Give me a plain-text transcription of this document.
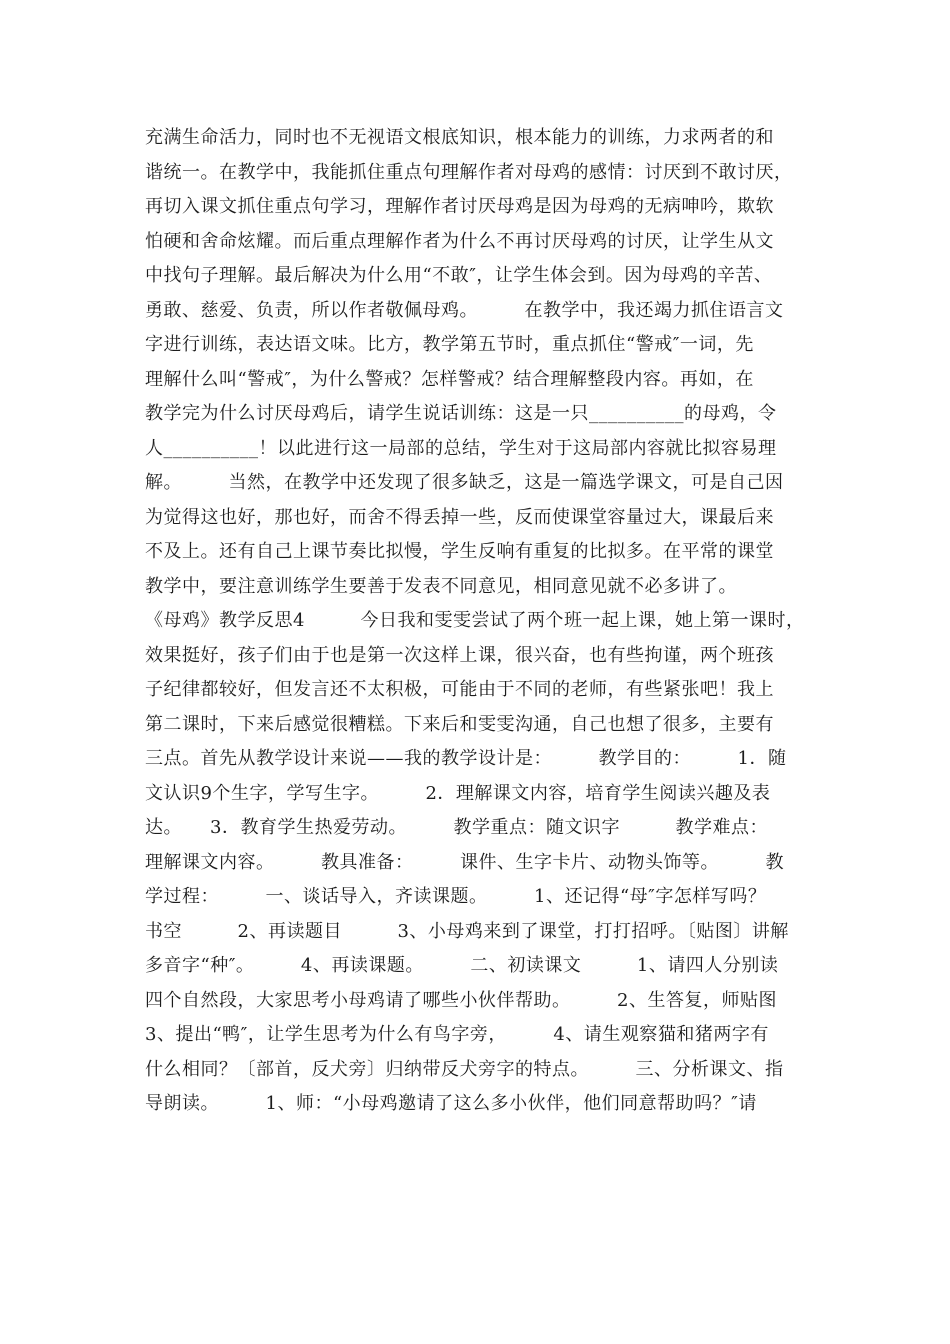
充满生命活力，同时也不无视语文根底知识，根本能力的训练，力求两者的和
谐统一。在教学中，我能抓住重点句理解作者对母鸡的感情：讨厌到不敢讨厌，
再切入课文抓住重点句学习，理解作者讨厌母鸡是因为母鸡的无病呻吟，欺软
怕硬和舍命炫耀。而后重点理解作者为什么不再讨厌母鸡的讨厌，让学生从文
中找句子理解。最后解决为什么用“不敢″，让学生体会到。因为母鸡的辛苦、
勇敢、慈爱、负责，所以作者敬佩母鸡。　　　在教学中，我还竭力抓住语言文
字进行训练，表达语文味。比方，教学第五节时，重点抓住“警戒″一词，先
理解什么叫“警戒″，为什么警戒？怎样警戒？结合理解整段内容。再如，在
教学完为什么讨厌母鸡后，请学生说话训练：这是一只__________的母鸡，令
人__________！以此进行这一局部的总结，学生对于这局部内容就比拟容易理
解。　　　当然，在教学中还发现了很多缺乏，这是一篇选学课文，可是自己因
为觉得这也好，那也好，而舍不得丢掉一些，反而使课堂容量过大，课最后来
不及上。还有自己上课节奏比拟慢，学生反响有重复的比拟多。在平常的课堂
教学中，要注意训练学生要善于发表不同意见，相同意见就不必多讲了。
《母鸡》教学反思4　　　今日我和雯雯尝试了两个班一起上课，她上第一课时，
效果挺好，孩子们由于也是第一次这样上课，很兴奋，也有些拘谨，两个班孩
子纪律都较好，但发言还不太积极，可能由于不同的老师，有些紧张吧！我上
第二课时，下来后感觉很糟糕。下来后和雯雯沟通，自己也想了很多，主要有
三点。首先从教学设计来说——我的教学设计是：　　　教学目的：　　　1．随
文认识9个生字，学写生字。　　　2．理解课文内容，培育学生阅读兴趣及表
达。　　3．教育学生热爱劳动。　　　教学重点：随文识字　　　教学难点：
理解课文内容。　　　教具准备：　　　课件、生字卡片、动物头饰等。　　　教
学过程：　　　一、谈话导入，齐读课题。　　　1、还记得“母″字怎样写吗？
书空　　　2、再读题目　　　3、小母鸡来到了课堂，打打招呼。〔贴图〕讲解
多音字“种″。　　　4、再读课题。　　　二、初读课文　　　1、请四人分别读
四个自然段，大家思考小母鸡请了哪些小伙伴帮助。　　　2、生答复，师贴图
3、提出“鸭″，让学生思考为什么有鸟字旁，　　　4、请生观察猫和猪两字有
什么相同？〔部首，反犬旁〕归纳带反犬旁字的特点。　　　三、分析课文、指
导朗读。　　　1、师：“小母鸡邀请了这么多小伙伴，他们同意帮助吗？″请
